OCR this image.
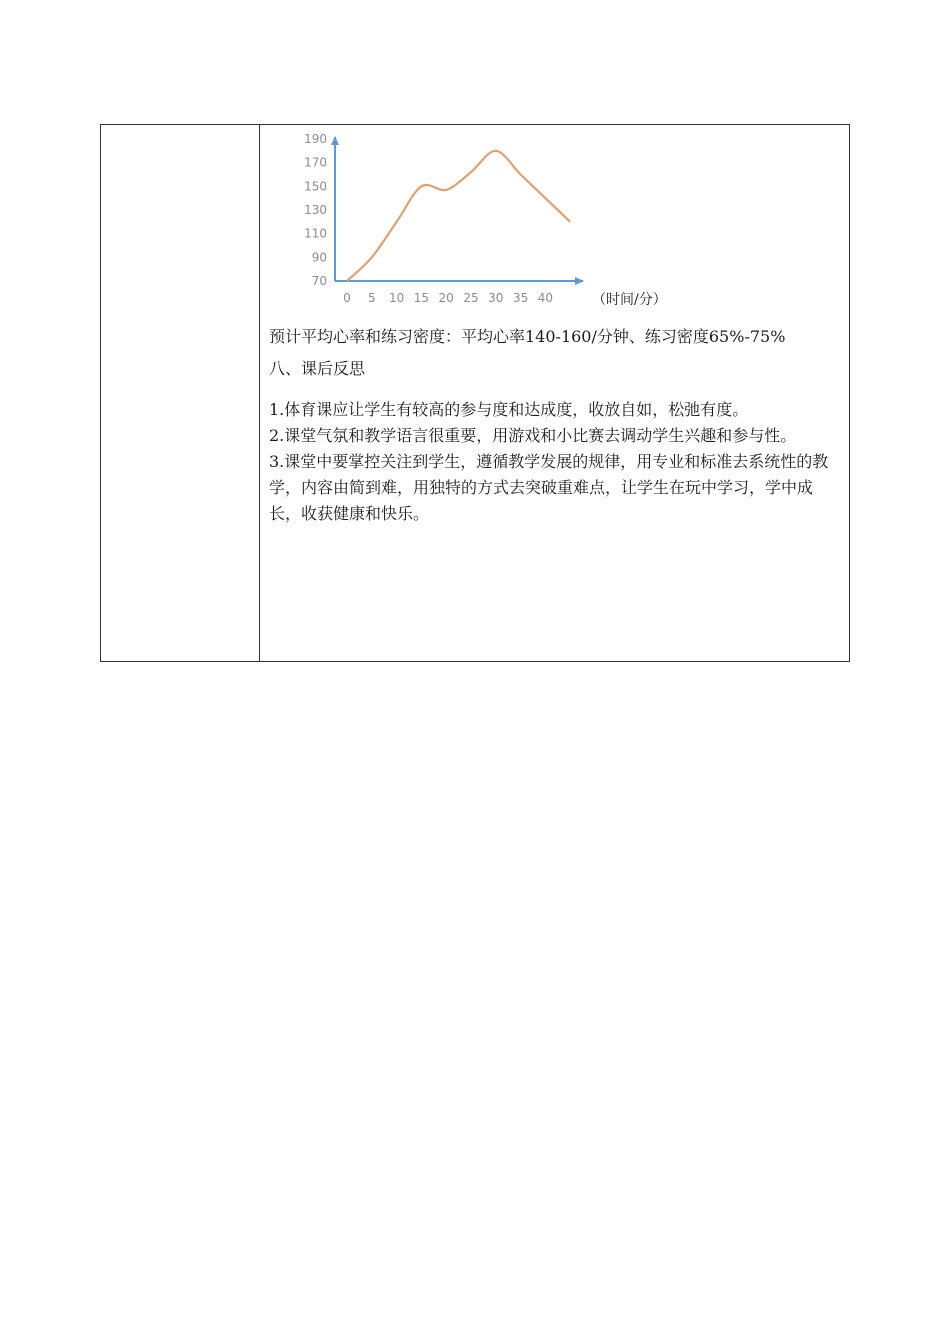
190
170
150
130
110
90
70
0 5 10 15 20 25 30 35 40	（时间/分）

预计平均心率和练习密度：平均心率140-160/分钟、练习密度65%-75%

八、课后反思

1.体育课应让学生有较高的参与度和达成度，收放自如，松弛有度。

2.课堂气氛和教学语言很重要，用游戏和小比赛去调动学生兴趣和参与性。

3.课堂中要掌控关注到学生，遵循教学发展的规律，用专业和标准去系统性的教学，内容由简到难，用独特的方式去突破重难点，让学生在玩中学习，学中成长，收获健康和快乐。
